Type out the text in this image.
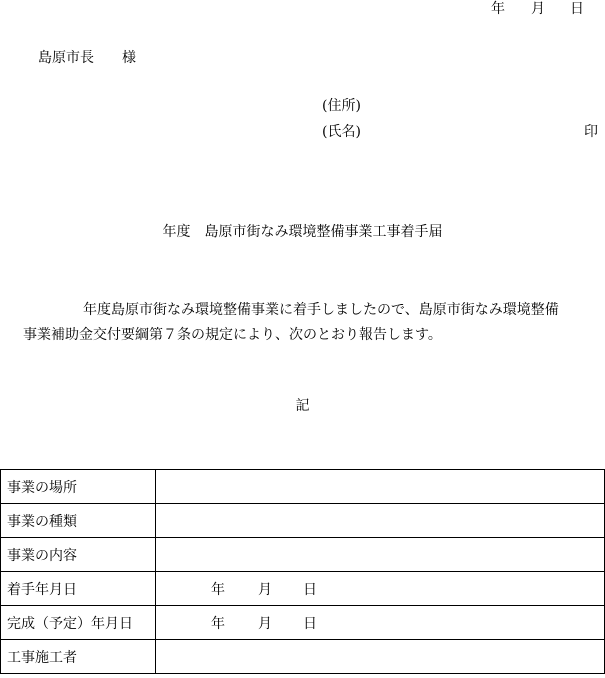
年 月 日
島原市長　　様
(住所)
(氏名)	印
年度　島原市街なみ環境整備事業工事着手届
年度島原市街なみ環境整備事業に着手しましたので、島原市街なみ環境整備
事業補助金交付要綱第７条の規定により、次のとおり報告します。
記
事業の場所	
事業の種類	
事業の内容	
着手年月日	年 月 日
完成（予定）年月日	年 月 日
工事施工者	
